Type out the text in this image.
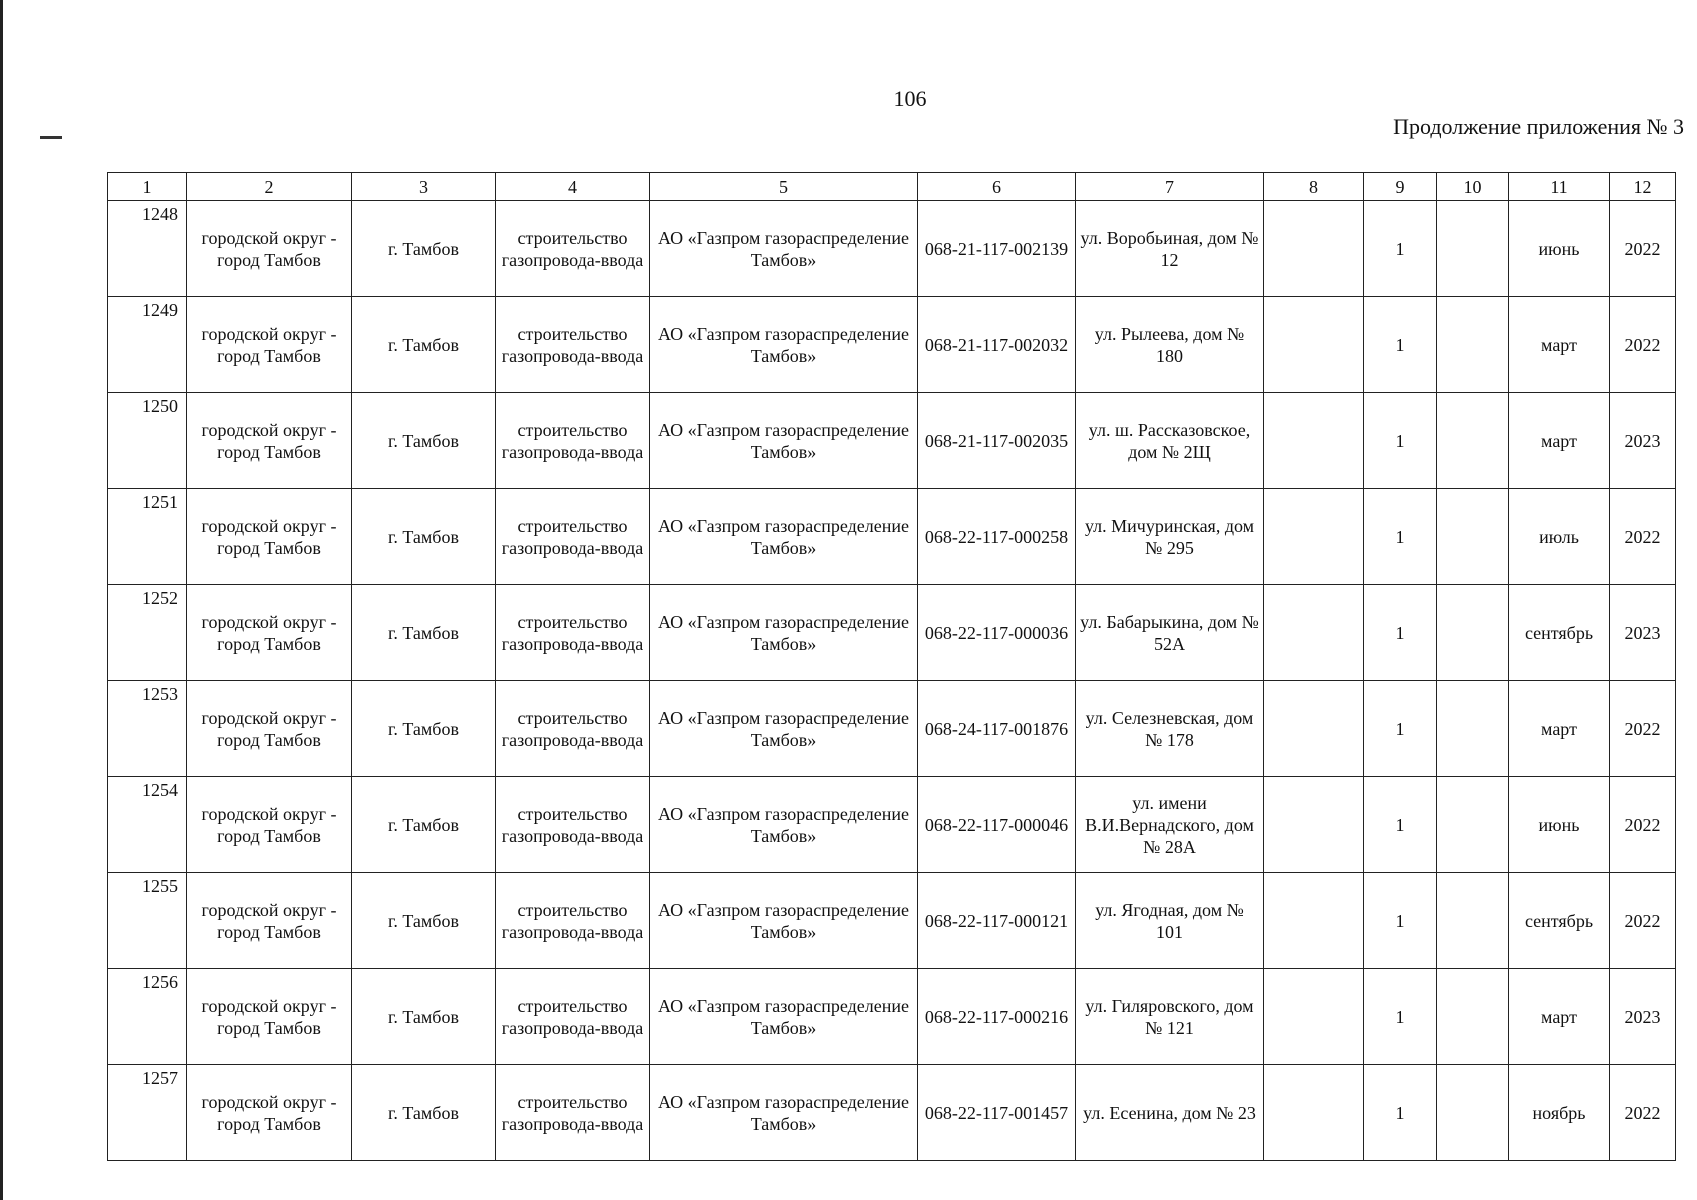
106
Продолжение приложения № 3
1	2	3	4	5	6	7	8	9	10	11	12
1248	городской округ - город Тамбов	г. Тамбов	строительство газопровода-ввода	АО «Газпром газораспределение Тамбов»	068-21-117-002139	ул. Воробьиная, дом № 12		1		июнь	2022
1249	городской округ - город Тамбов	г. Тамбов	строительство газопровода-ввода	АО «Газпром газораспределение Тамбов»	068-21-117-002032	ул. Рылеева, дом № 180		1		март	2022
1250	городской округ - город Тамбов	г. Тамбов	строительство газопровода-ввода	АО «Газпром газораспределение Тамбов»	068-21-117-002035	ул. ш. Рассказовское, дом № 2Щ		1		март	2023
1251	городской округ - город Тамбов	г. Тамбов	строительство газопровода-ввода	АО «Газпром газораспределение Тамбов»	068-22-117-000258	ул. Мичуринская, дом № 295		1		июль	2022
1252	городской округ - город Тамбов	г. Тамбов	строительство газопровода-ввода	АО «Газпром газораспределение Тамбов»	068-22-117-000036	ул. Бабарыкина, дом № 52А		1		сентябрь	2023
1253	городской округ - город Тамбов	г. Тамбов	строительство газопровода-ввода	АО «Газпром газораспределение Тамбов»	068-24-117-001876	ул. Селезневская, дом № 178		1		март	2022
1254	городской округ - город Тамбов	г. Тамбов	строительство газопровода-ввода	АО «Газпром газораспределение Тамбов»	068-22-117-000046	ул. имени В.И.Вернадского, дом № 28А		1		июнь	2022
1255	городской округ - город Тамбов	г. Тамбов	строительство газопровода-ввода	АО «Газпром газораспределение Тамбов»	068-22-117-000121	ул. Ягодная, дом № 101		1		сентябрь	2022
1256	городской округ - город Тамбов	г. Тамбов	строительство газопровода-ввода	АО «Газпром газораспределение Тамбов»	068-22-117-000216	ул. Гиляровского, дом № 121		1		март	2023
1257	городской округ - город Тамбов	г. Тамбов	строительство газопровода-ввода	АО «Газпром газораспределение Тамбов»	068-22-117-001457	ул. Есенина, дом № 23		1		ноябрь	2022
